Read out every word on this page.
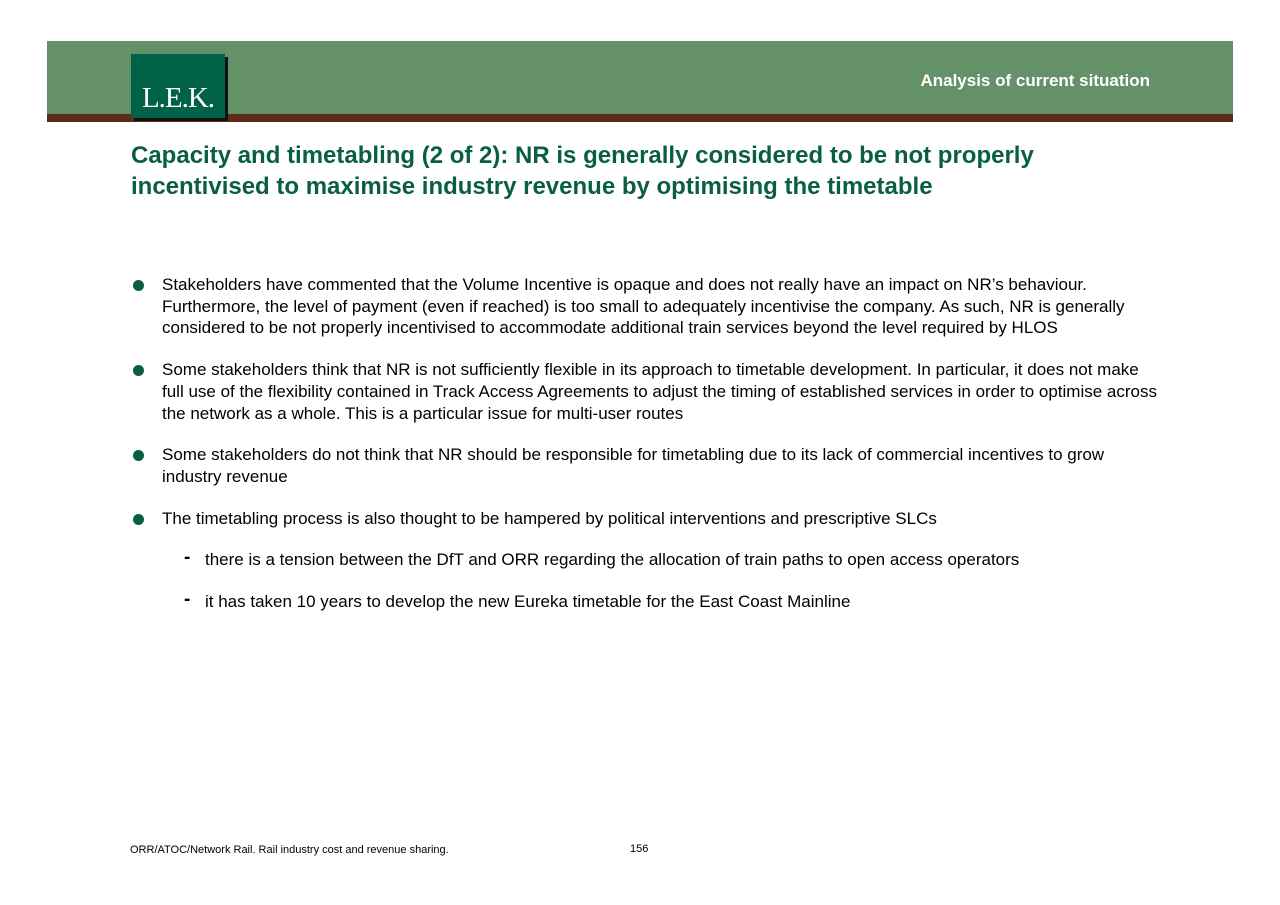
L.E.K.
Analysis of current situation
Capacity and timetabling (2 of 2): NR is generally considered to be not properly incentivised to maximise industry revenue by optimising the timetable
Stakeholders have commented that the Volume Incentive is opaque and does not really have an impact on NR’s behaviour. Furthermore, the level of payment (even if reached) is too small to adequately incentivise the company. As such, NR is generally considered to be not properly incentivised to accommodate additional train services beyond the level required by HLOS
Some stakeholders think that NR is not sufficiently flexible in its approach to timetable development. In particular, it does not make full use of the flexibility contained in Track Access Agreements to adjust the timing of established services in order to optimise across the network as a whole. This is a particular issue for multi-user routes
Some stakeholders do not think that NR should be responsible for timetabling due to its lack of commercial incentives to grow industry revenue
The timetabling process is also thought to be hampered by political interventions and prescriptive SLCs
- there is a tension between the DfT and ORR regarding the allocation of train paths to open access operators
- it has taken 10 years to develop the new Eureka timetable for the East Coast Mainline
ORR/ATOC/Network Rail. Rail industry cost and revenue sharing.	156
